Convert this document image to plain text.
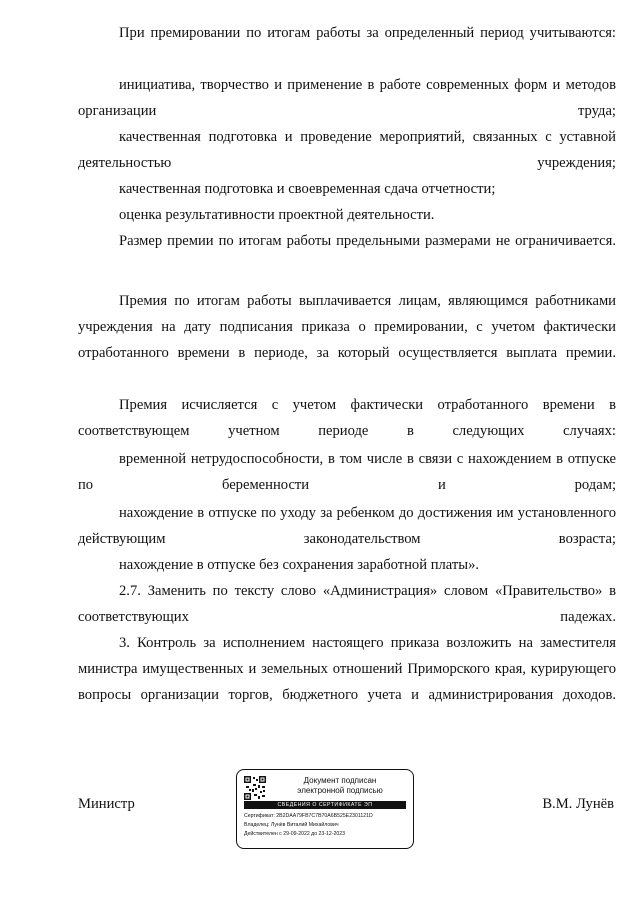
При премировании по итогам работы за определенный период учитываются:

инициатива, творчество и применение в работе современных форм и методов организации труда;

качественная подготовка и проведение мероприятий, связанных с уставной деятельностью учреждения;

качественная подготовка и своевременная сдача отчетности;

оценка результативности проектной деятельности.

Размер премии по итогам работы предельными размерами не ограничивается.

Премия по итогам работы выплачивается лицам, являющимся работниками учреждения на дату подписания приказа о премировании, с учетом фактически отработанного времени в периоде, за который осуществляется выплата премии.

Премия исчисляется с учетом фактически отработанного времени в соответствующем учетном периоде в следующих случаях:

временной нетрудоспособности, в том числе в связи с нахождением в отпуске по беременности и родам;

нахождение в отпуске по уходу за ребенком до достижения им установленного действующим законодательством возраста;

нахождение в отпуске без сохранения заработной платы».

2.7. Заменить по тексту слово «Администрация» словом «Правительство» в соответствующих падежах.

3. Контроль за исполнением настоящего приказа возложить на заместителя министра имущественных и земельных отношений Приморского края, курирующего вопросы организации торгов, бюджетного учета и администрирования доходов.

Министр	В.М. Лунёв
Документ подписан
электронной подписью
СВЕДЕНИЯ О СЕРТИФИКАТЕ ЭП
Сертификат: 2B2DAA79FB7C7B70A6B525E2301121D
Владелец: Лунёв Виталий Михайлович
Действителен с 29-09-2022 до 23-12-2023
